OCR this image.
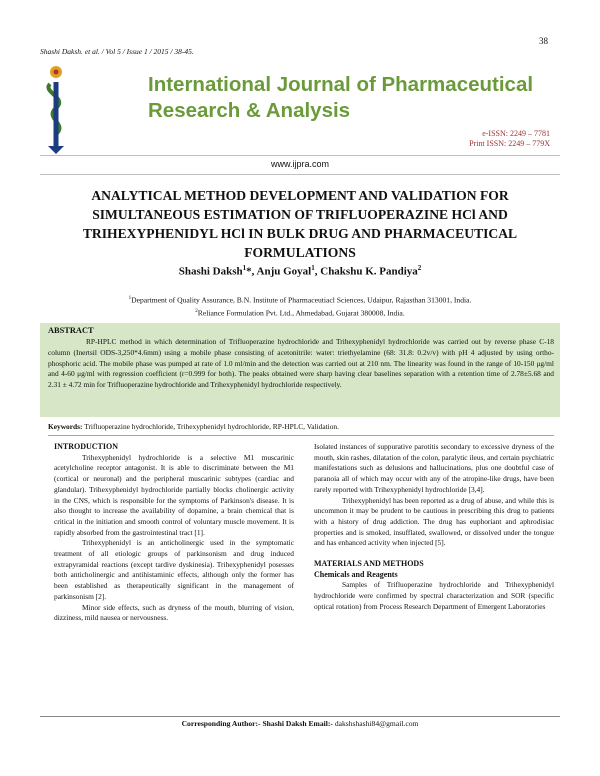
38
Shashi Daksh. et al. / Vol 5 / Issue 1 / 2015 / 38-45.
International Journal of Pharmaceutical Research & Analysis
e-ISSN: 2249 – 7781
Print ISSN: 2249 – 779X
www.ijpra.com
ANALYTICAL METHOD DEVELOPMENT AND VALIDATION FOR SIMULTANEOUS ESTIMATION OF TRIFLUOPERAZINE HCl AND TRIHEXYPHENIDYL HCl IN BULK DRUG AND PHARMACEUTICAL FORMULATIONS
Shashi Daksh$^1$*, Anju Goyal$^1$, Chakshu K. Pandiya$^2$
$^1$Department of Quality Assurance, B.N. Institute of Pharmaceutiacl Sciences, Udaipur, Rajasthan 313001, India.
$^2$Reliance Formulation Pvt. Ltd., Ahmedabad, Gujarat 380008, India.
ABSTRACT
RP-HPLC method in which determination of Trifluoperazine hydrochloride and Trihexyphenidyl hydrochloride was carried out by reverse phase C-18 column (Inertsil ODS-3,250*4.6mm) using a mobile phase consisting of acetonitrile: water: triethyelamine (68: 31.8: 0.2v/v) with pH 4 adjusted by using ortho-phosphoric acid. The mobile phase was pumped at rate of 1.0 ml/min and the detection was carried out at 210 nm. The linearity was found in the range of 10-150 μg/ml and 4-60 μg/ml with regression coefficient (r=0.999 for both). The peaks obtained were sharp having clear baselines separation with a retention time of 2.78±5.68 and 2.31 ± 4.72 min for Trifluoperazine hydrochloride and Trihexyphenidyl hydrochloride respectively.
Keywords: Trifluoperazine hydrochloride, Trihexyphenidyl hydrochloride, RP-HPLC, Validation.

INTRODUCTION

Trihexyphenidyl hydrochloride is a selective M1 muscarinic acetylcholine receptor antagonist. It is able to discriminate between the M1 (cortical or neuronal) and the peripheral muscarinic subtypes (cardiac and glandular). Trihexyphenidyl hydrochloride partially blocks cholinergic activity in the CNS, which is responsible for the symptoms of Parkinson's disease. It is also thought to increase the availability of dopamine, a brain chemical that is critical in the initiation and smooth control of voluntary muscle movement. It is rapidly absorbed from the gastrointestinal tract [1].

Trihexyphenidyl is an anticholinergic used in the symptomatic treatment of all etiologic groups of parkinsonism and drug induced extrapyramidal reactions (except tardive dyskinesia). Trihexyphenidyl posesses both anticholinergic and antihistaminic effects, although only the former has been established as therapeutically significant in the management of parkinsonism [2].

Minor side effects, such as dryness of the mouth, blurring of vision, dizziness, mild nausea or nervousness.

Isolated instances of suppurative parotitis secondary to excessive dryness of the mouth, skin rashes, dilatation of the colon, paralytic ileus, and certain psychiatric manifestations such as delusions and hallucinations, plus one doubtful case of paranoia all of which may occur with any of the atropine-like drugs, have been rarely reported with Trihexyphenidyl hydrochloride [3,4].

Trihexyphenidyl has been reported as a drug of abuse, and while this is uncommon it may be prudent to be cautious in prescribing this drug to patients with a history of drug addiction. The drug has euphoriant and aphrodisiac properties and is smoked, insufflated, swallowed, or dissolved under the tongue and has enhanced activity when injected [5].

MATERIALS AND METHODS

Chemicals and Reagents

Samples of Trifluoperazine hydrochloride and Trihexyphenidyl hydrochloride were confirmed by spectral characterization and SOR (specific optical rotation) from Process Research Department of Emergent Laboratories

Corresponding Author:- Shashi Daksh Email:- dakshshashi84@gmail.com
